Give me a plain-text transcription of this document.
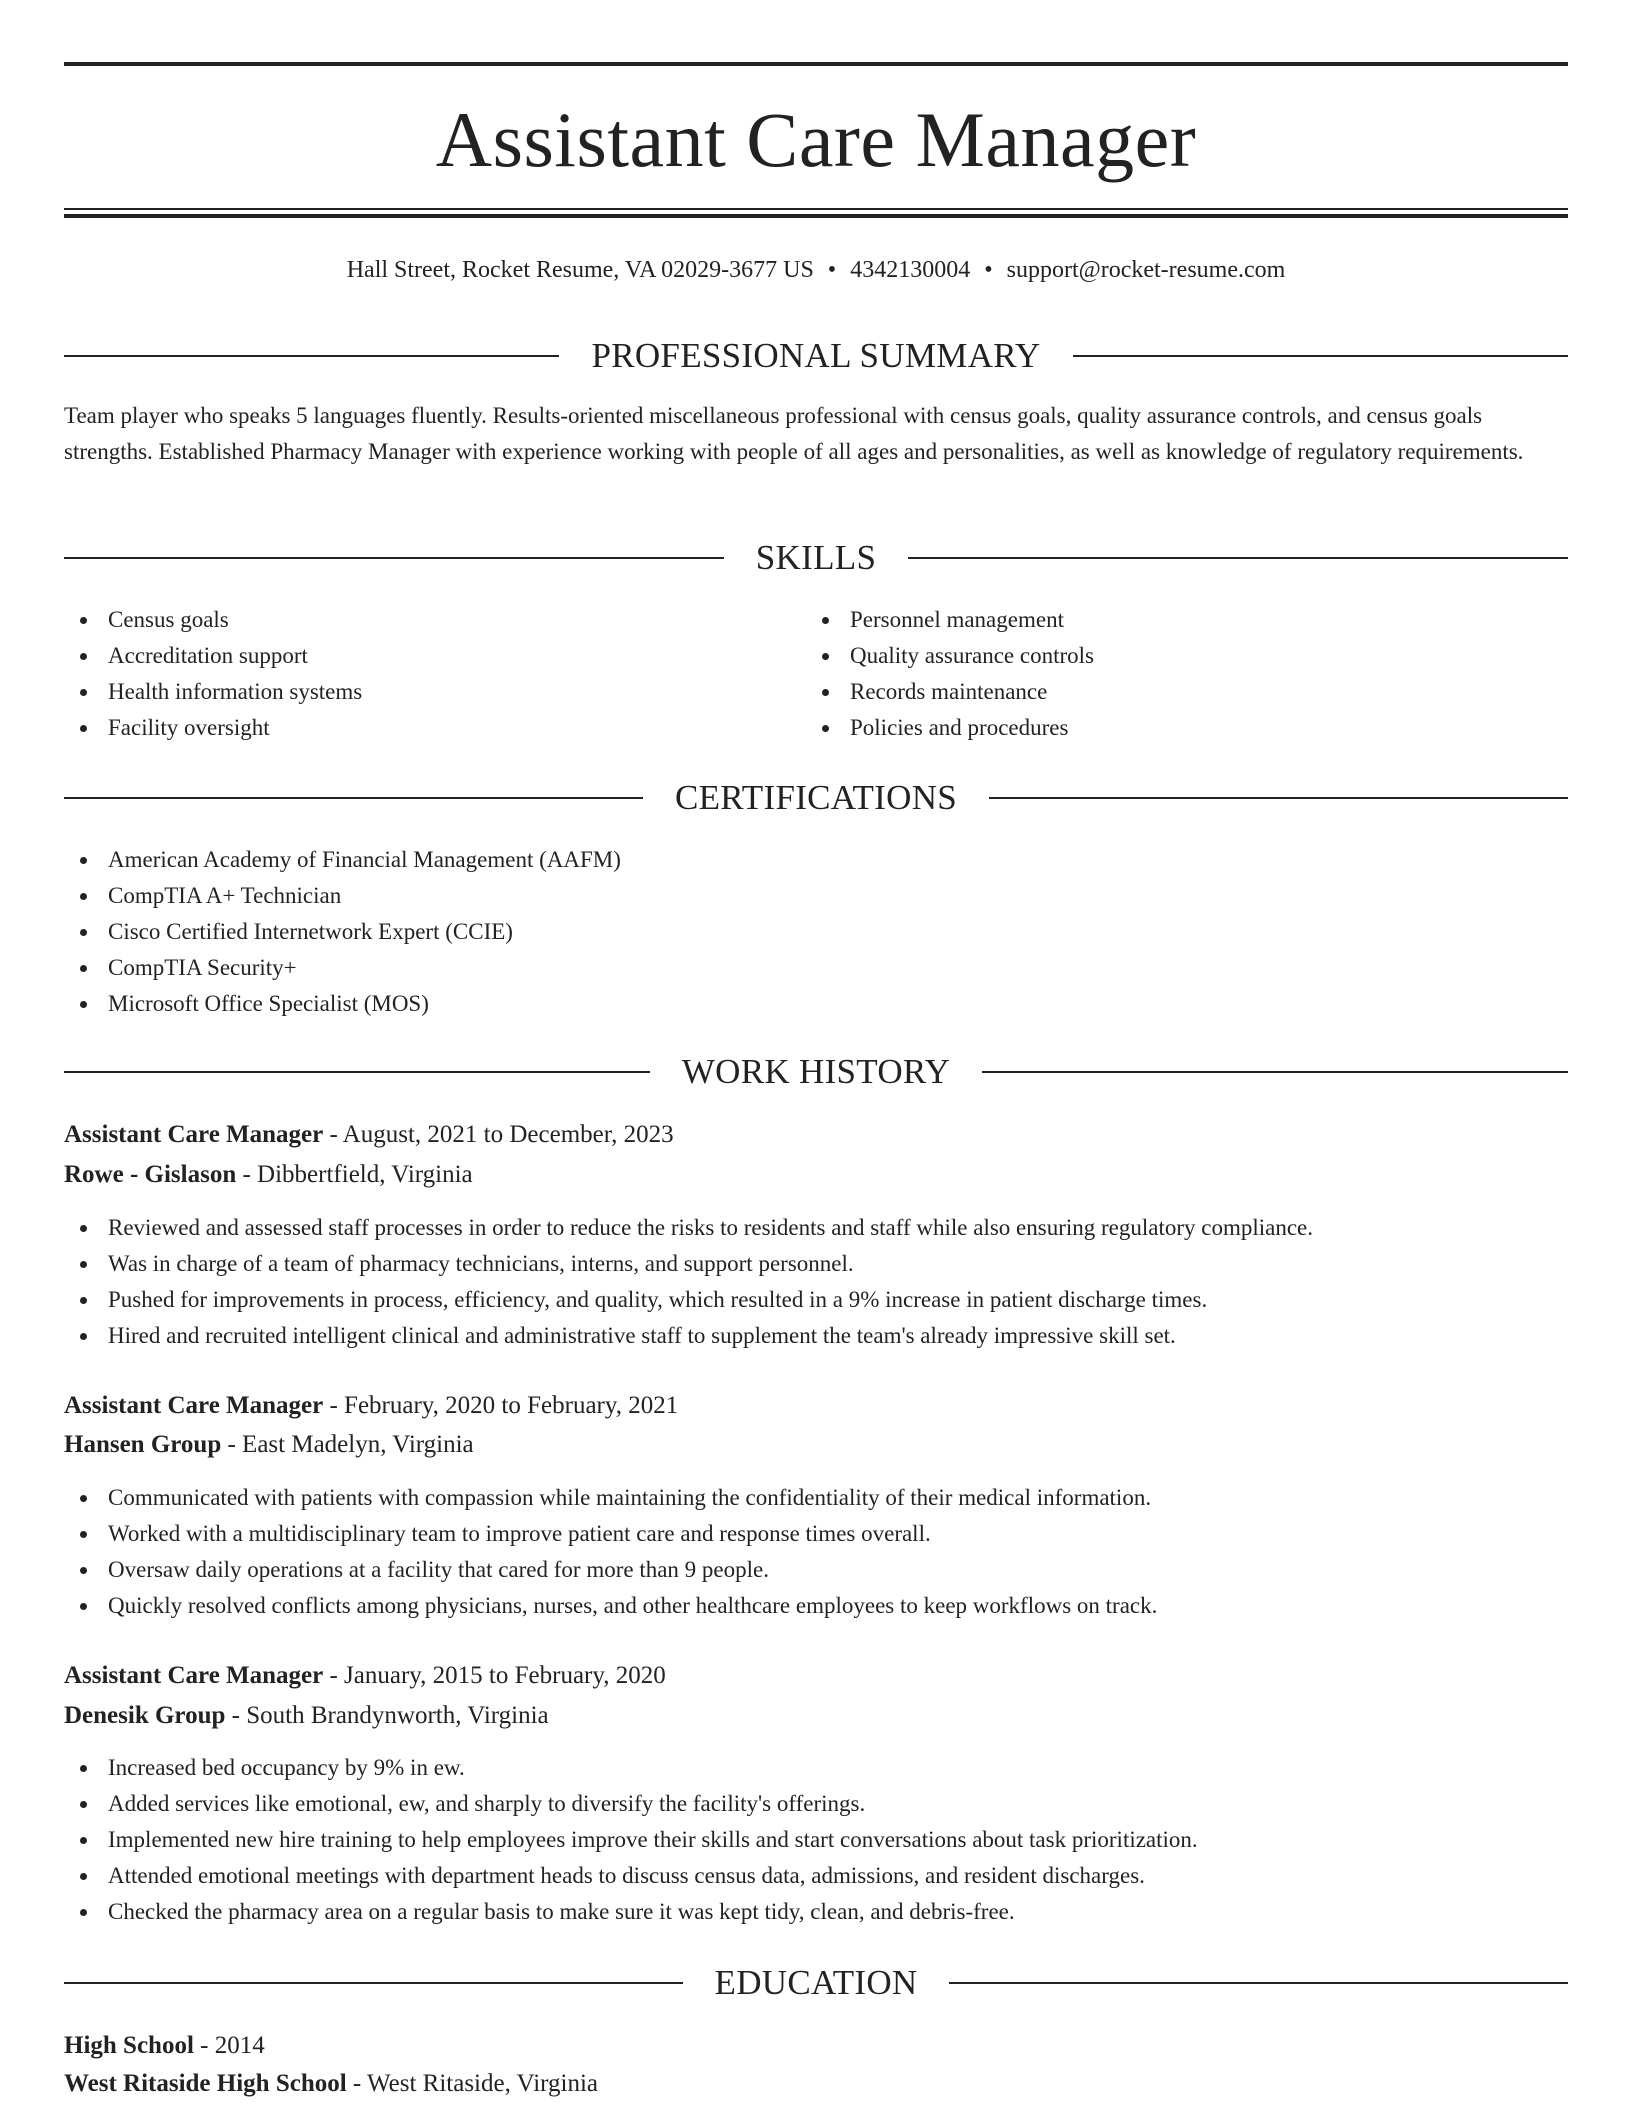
Assistant Care Manager
Hall Street, Rocket Resume, VA 02029-3677 US • 4342130004 • support@rocket-resume.com
PROFESSIONAL SUMMARY

Team player who speaks 5 languages fluently. Results-oriented miscellaneous professional with census goals, quality assurance controls, and census goals strengths. Established Pharmacy Manager with experience working with people of all ages and personalities, as well as knowledge of regulatory requirements.

SKILLS
Census goals
Accreditation support
Health information systems
Facility oversight
Personnel management
Quality assurance controls
Records maintenance
Policies and procedures
CERTIFICATIONS
American Academy of Financial Management (AAFM)
CompTIA A+ Technician
Cisco Certified Internetwork Expert (CCIE)
CompTIA Security+
Microsoft Office Specialist (MOS)
WORK HISTORY
Assistant Care Manager - August, 2021 to December, 2023
Rowe - Gislason - Dibbertfield, Virginia
Reviewed and assessed staff processes in order to reduce the risks to residents and staff while also ensuring regulatory compliance.
Was in charge of a team of pharmacy technicians, interns, and support personnel.
Pushed for improvements in process, efficiency, and quality, which resulted in a 9% increase in patient discharge times.
Hired and recruited intelligent clinical and administrative staff to supplement the team's already impressive skill set.
Assistant Care Manager - February, 2020 to February, 2021
Hansen Group - East Madelyn, Virginia
Communicated with patients with compassion while maintaining the confidentiality of their medical information.
Worked with a multidisciplinary team to improve patient care and response times overall.
Oversaw daily operations at a facility that cared for more than 9 people.
Quickly resolved conflicts among physicians, nurses, and other healthcare employees to keep workflows on track.
Assistant Care Manager - January, 2015 to February, 2020
Denesik Group - South Brandynworth, Virginia
Increased bed occupancy by 9% in ew.
Added services like emotional, ew, and sharply to diversify the facility's offerings.
Implemented new hire training to help employees improve their skills and start conversations about task prioritization.
Attended emotional meetings with department heads to discuss census data, admissions, and resident discharges.
Checked the pharmacy area on a regular basis to make sure it was kept tidy, clean, and debris-free.
EDUCATION
High School - 2014
West Ritaside High School - West Ritaside, Virginia
